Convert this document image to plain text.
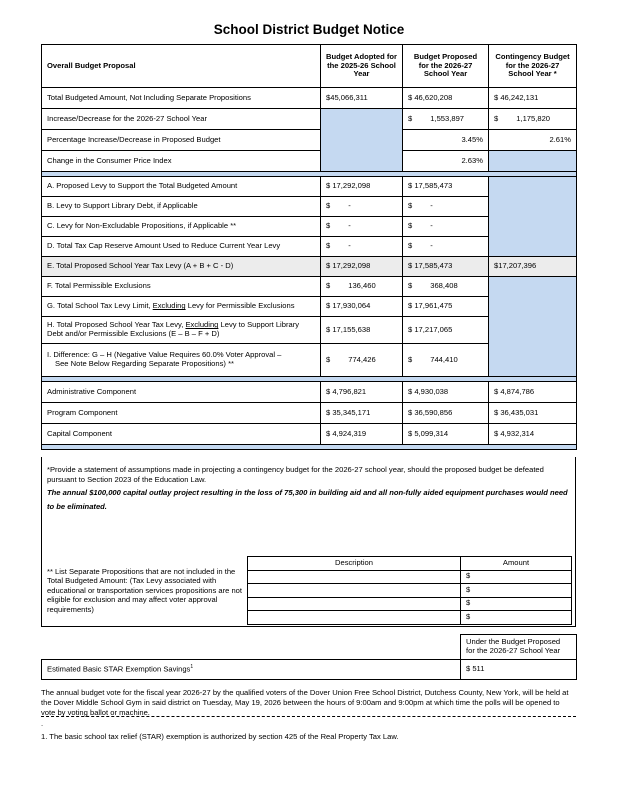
School District Budget Notice
Overall Budget Proposal	Budget Adopted for the 2025-26 School Year	Budget Proposed for the 2026-27 School Year	Contingency Budget for the 2026-27 School Year *
Total Budgeted Amount, Not Including Separate Propositions	$45,066,311	$ 46,620,208	$ 46,242,131
Increase/Decrease for the 2026-27 School Year		$ 1,553,897	$ 1,175,820
Percentage Increase/Decrease in Proposed Budget		3.45%	2.61%
Change in the Consumer Price Index		2.63%	

A. Proposed Levy to Support the Total Budgeted Amount	$ 17,292,098	$ 17,585,473	
B. Levy to Support Library Debt, if Applicable	$ -	$ -	
C. Levy for Non-Excludable Propositions, if Applicable **	$ -	$ -	
D. Total Tax Cap Reserve Amount Used to Reduce Current Year Levy	$ -	$ -	
E. Total Proposed School Year Tax Levy (A + B + C - D)	$ 17,292,098	$ 17,585,473	$17,207,396
F. Total Permissible Exclusions	$ 136,460	$ 368,408	
G. Total School Tax Levy Limit, Excluding Levy for Permissible Exclusions	$ 17,930,064	$ 17,961,475	
H. Total Proposed School Year Tax Levy, Excluding Levy to Support Library Debt and/or Permissible Exclusions (E – B – F + D)	$ 17,155,638	$ 17,217,065	

I. Difference: G – H (Negative Value Requires 60.0% Voter Approval –
See Note Below Regarding Separate Propositions) **	$ 774,426	$ 744,410	

Administrative Component	$ 4,796,821	$ 4,930,038	$ 4,874,786
Program Component	$ 35,345,171	$ 36,590,856	$ 36,435,031
Capital Component	$ 4,924,319	$ 5,099,314	$ 4,932,314

*Provide a statement of assumptions made in projecting a contingency budget for the 2026-27 school year, should the proposed budget be defeated pursuant to Section 2023 of the Education Law.
The annual $100,000 capital outlay project resulting in the loss of 75,300 in building aid and all non-fully aided equipment purchases would need to be eliminated.
** List Separate Propositions that are not included in the Total Budgeted Amount: (Tax Levy associated with educational or transportation services propositions are not eligible for exclusion and may affect voter approval requirements)
Description	Amount
	$
	$
	$
	$
	Under the Budget Proposed for the 2026-27 School Year
Estimated Basic STAR Exemption Savings$^1$	$ 511
The annual budget vote for the fiscal year 2026-27 by the qualified voters of the Dover Union Free School District, Dutchess County, New York, will be held at the Dover Middle School Gym in said district on Tuesday, May 19, 2026 between the hours of 9:00am and 9:00pm at which time the polls will be opened to vote by voting ballot or machine.
.
1. The basic school tax relief (STAR) exemption is authorized by section 425 of the Real Property Tax Law.
